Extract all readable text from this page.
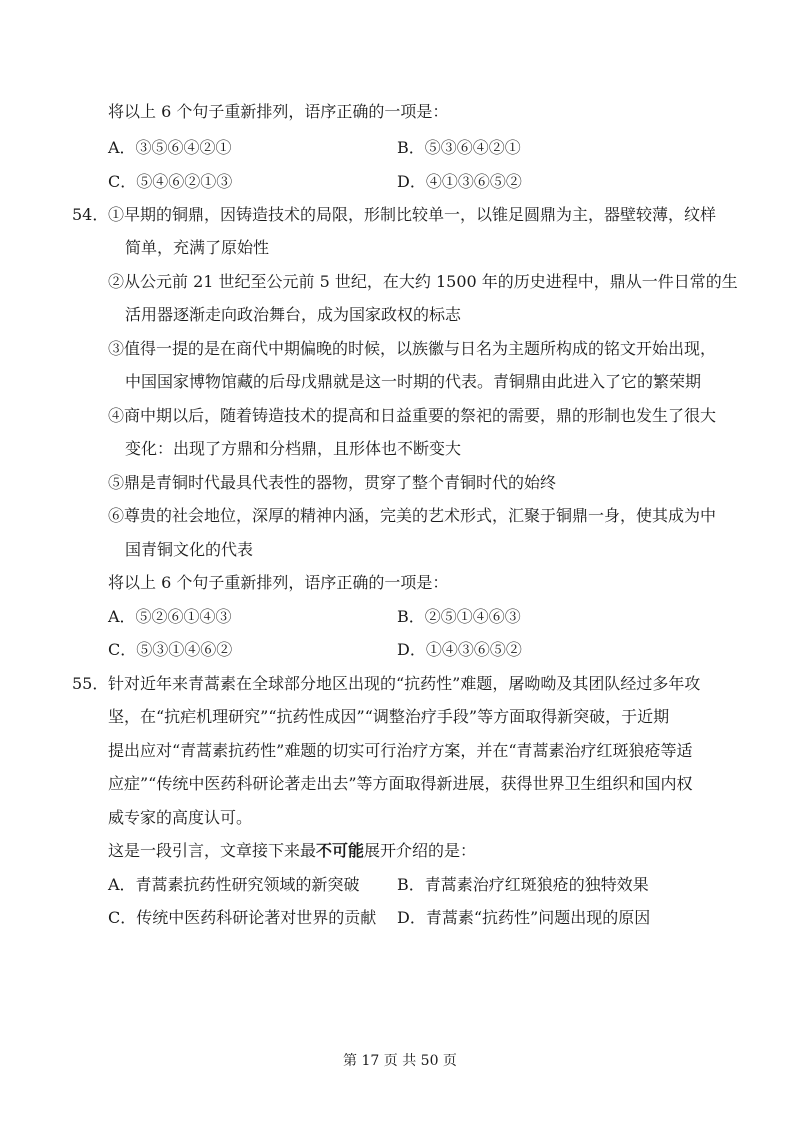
将以上 6 个句子重新排列，语序正确的一项是：
A．③⑤⑥④②①	B．⑤③⑥④②①
C．⑤④⑥②①③	D．④①③⑥⑤②
54． ①早期的铜鼎，因铸造技术的局限，形制比较单一，以锥足圆鼎为主，器壁较薄，纹样
简单，充满了原始性
②从公元前 21 世纪至公元前 5 世纪，在大约 1500 年的历史进程中，鼎从一件日常的生
活用器逐渐走向政治舞台，成为国家政权的标志
③值得一提的是在商代中期偏晚的时候，以族徽与日名为主题所构成的铭文开始出现，
中国国家博物馆藏的后母戊鼎就是这一时期的代表。青铜鼎由此进入了它的繁荣期
④商中期以后，随着铸造技术的提高和日益重要的祭祀的需要，鼎的形制也发生了很大
变化：出现了方鼎和分档鼎，且形体也不断变大
⑤鼎是青铜时代最具代表性的器物，贯穿了整个青铜时代的始终
⑥尊贵的社会地位，深厚的精神内涵，完美的艺术形式，汇聚于铜鼎一身，使其成为中
国青铜文化的代表
将以上 6 个句子重新排列，语序正确的一项是：
A．⑤②⑥①④③	B．②⑤①④⑥③
C．⑤③①④⑥②	D．①④③⑥⑤②
55． 针对近年来青蒿素在全球部分地区出现的“抗药性”难题，屠呦呦及其团队经过多年攻
坚，在“抗疟机理研究”“抗药性成因”“调整治疗手段”等方面取得新突破，于近期
提出应对“青蒿素抗药性”难题的切实可行治疗方案，并在“青蒿素治疗红斑狼疮等适
应症”“传统中医药科研论著走出去”等方面取得新进展，获得世界卫生组织和国内权
威专家的高度认可。
这是一段引言，文章接下来最不可能展开介绍的是：
A．青蒿素抗药性研究领域的新突破 B．青蒿素治疗红斑狼疮的独特效果
C．传统中医药科研论著对世界的贡献 D．青蒿素“抗药性”问题出现的原因
第 17 页 共 50 页
